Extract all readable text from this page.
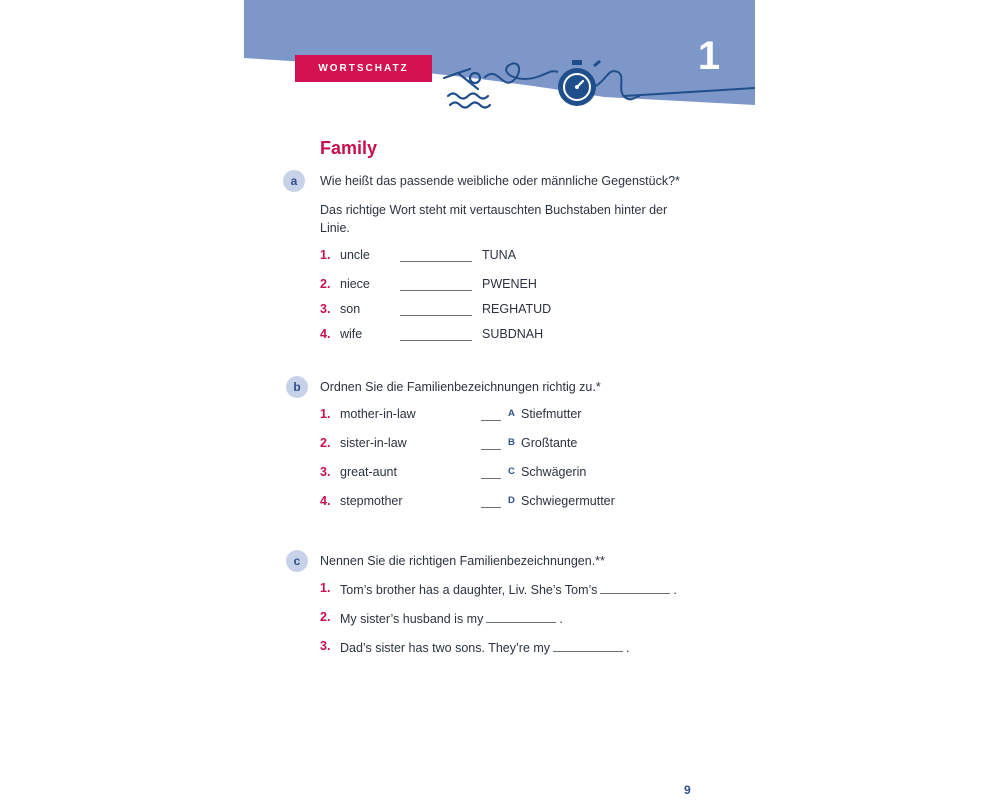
WORTSCHATZ	1
Family
a	Wie heißt das passende weibliche oder männliche Gegenstück?*
Das richtige Wort steht mit vertauschten Buchstaben hinter der
Linie.
1. uncle	TUNA
2. niece	PWENEH
3. son	REGHATUD
4. wife	SUBDNAH
b	Ordnen Sie die Familienbezeichnungen richtig zu.*
1. mother-in-law	A Stiefmutter
2. sister-in-law	B Großtante
3. great-aunt	C Schwägerin
4. stepmother	D Schwiegermutter
c	Nennen Sie die richtigen Familienbezeichnungen.**
1. Tom’s brother has a daughter, Liv. She’s Tom’s	.
2. My sister’s husband is my	.
3. Dad’s sister has two sons. They’re my	.
9
